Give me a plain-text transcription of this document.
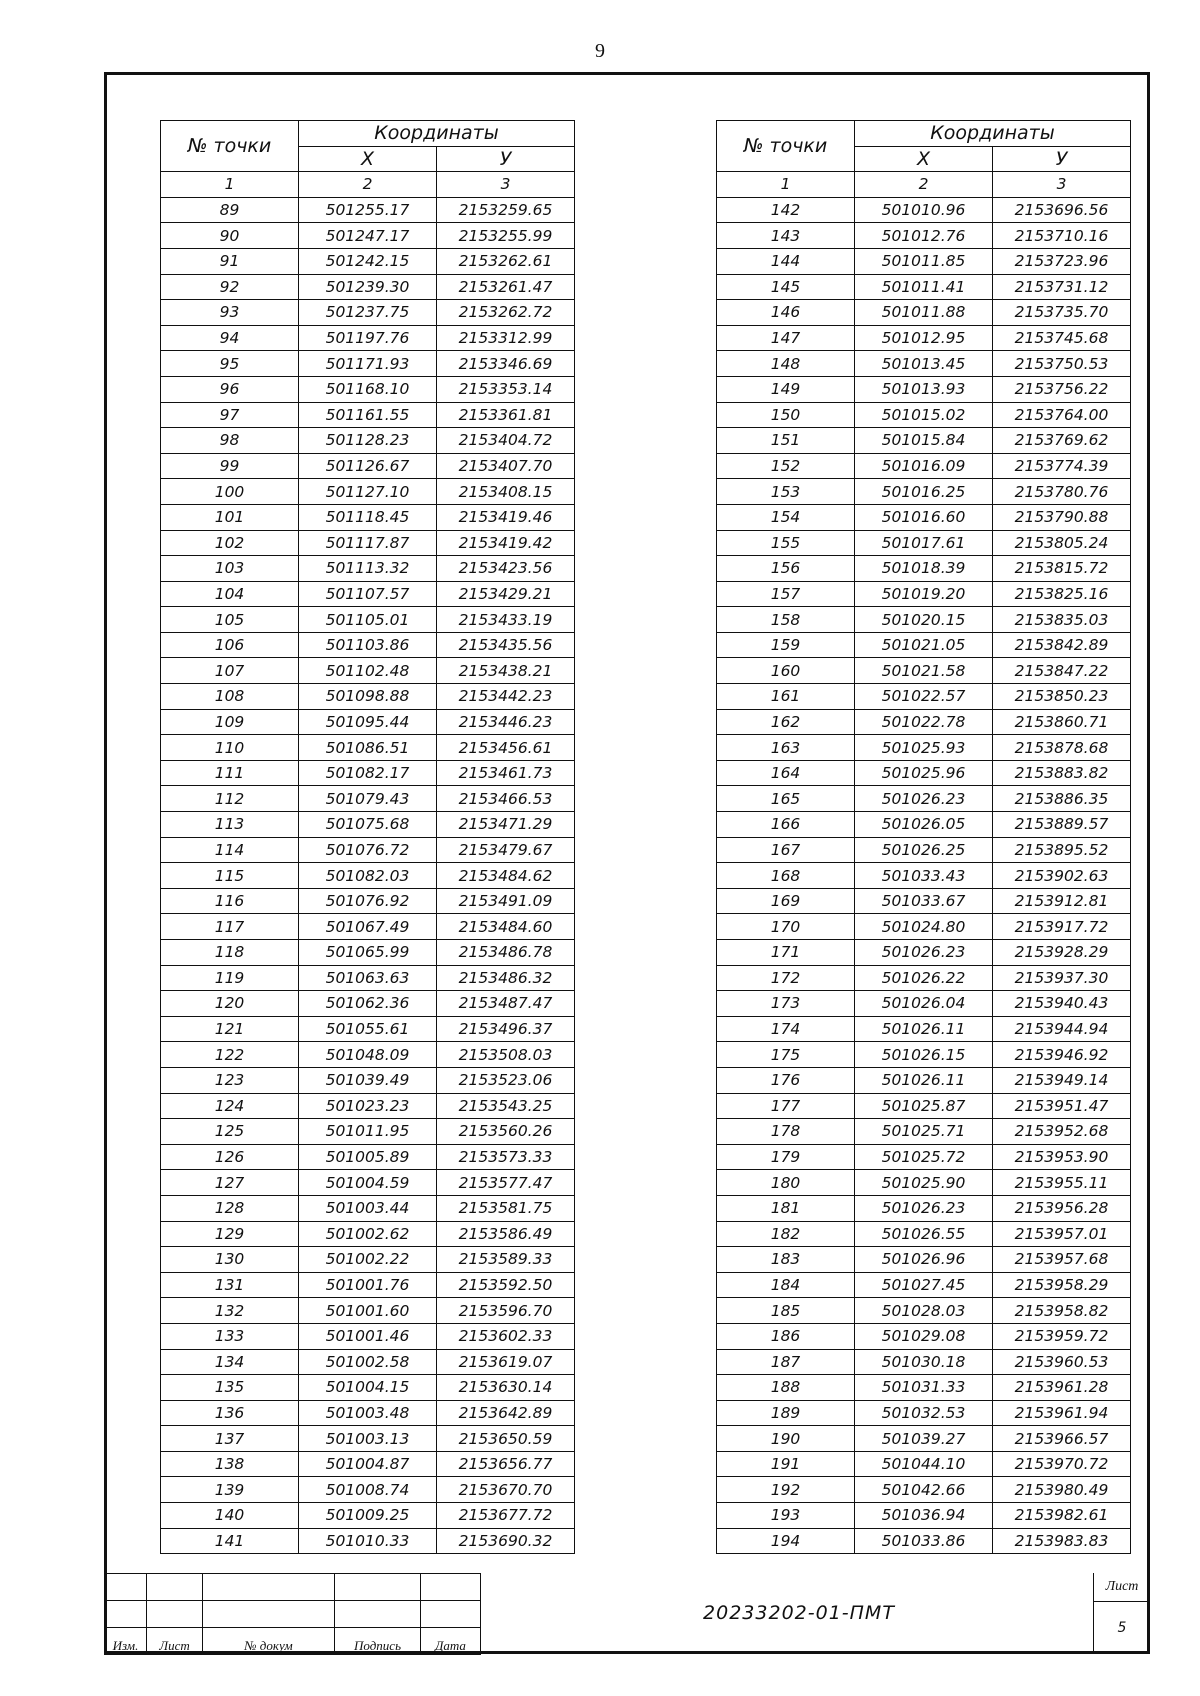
9
№ точки	Координаты	
	X	У
1	2	3
89	501255.17	2153259.65
90	501247.17	2153255.99
91	501242.15	2153262.61
92	501239.30	2153261.47
93	501237.75	2153262.72
94	501197.76	2153312.99
95	501171.93	2153346.69
96	501168.10	2153353.14
97	501161.55	2153361.81
98	501128.23	2153404.72
99	501126.67	2153407.70
100	501127.10	2153408.15
101	501118.45	2153419.46
102	501117.87	2153419.42
103	501113.32	2153423.56
104	501107.57	2153429.21
105	501105.01	2153433.19
106	501103.86	2153435.56
107	501102.48	2153438.21
108	501098.88	2153442.23
109	501095.44	2153446.23
110	501086.51	2153456.61
111	501082.17	2153461.73
112	501079.43	2153466.53
113	501075.68	2153471.29
114	501076.72	2153479.67
115	501082.03	2153484.62
116	501076.92	2153491.09
117	501067.49	2153484.60
118	501065.99	2153486.78
119	501063.63	2153486.32
120	501062.36	2153487.47
121	501055.61	2153496.37
122	501048.09	2153508.03
123	501039.49	2153523.06
124	501023.23	2153543.25
125	501011.95	2153560.26
126	501005.89	2153573.33
127	501004.59	2153577.47
128	501003.44	2153581.75
129	501002.62	2153586.49
130	501002.22	2153589.33
131	501001.76	2153592.50
132	501001.60	2153596.70
133	501001.46	2153602.33
134	501002.58	2153619.07
135	501004.15	2153630.14
136	501003.48	2153642.89
137	501003.13	2153650.59
138	501004.87	2153656.77
139	501008.74	2153670.70
140	501009.25	2153677.72
141	501010.33	2153690.32
№ точки	Координаты	
	X	У
1	2	3
142	501010.96	2153696.56
143	501012.76	2153710.16
144	501011.85	2153723.96
145	501011.41	2153731.12
146	501011.88	2153735.70
147	501012.95	2153745.68
148	501013.45	2153750.53
149	501013.93	2153756.22
150	501015.02	2153764.00
151	501015.84	2153769.62
152	501016.09	2153774.39
153	501016.25	2153780.76
154	501016.60	2153790.88
155	501017.61	2153805.24
156	501018.39	2153815.72
157	501019.20	2153825.16
158	501020.15	2153835.03
159	501021.05	2153842.89
160	501021.58	2153847.22
161	501022.57	2153850.23
162	501022.78	2153860.71
163	501025.93	2153878.68
164	501025.96	2153883.82
165	501026.23	2153886.35
166	501026.05	2153889.57
167	501026.25	2153895.52
168	501033.43	2153902.63
169	501033.67	2153912.81
170	501024.80	2153917.72
171	501026.23	2153928.29
172	501026.22	2153937.30
173	501026.04	2153940.43
174	501026.11	2153944.94
175	501026.15	2153946.92
176	501026.11	2153949.14
177	501025.87	2153951.47
178	501025.71	2153952.68
179	501025.72	2153953.90
180	501025.90	2153955.11
181	501026.23	2153956.28
182	501026.55	2153957.01
183	501026.96	2153957.68
184	501027.45	2153958.29
185	501028.03	2153958.82
186	501029.08	2153959.72
187	501030.18	2153960.53
188	501031.33	2153961.28
189	501032.53	2153961.94
190	501039.27	2153966.57
191	501044.10	2153970.72
192	501042.66	2153980.49
193	501036.94	2153982.61
194	501033.86	2153983.83

Изм.	Лист	№ докум	Подпись	Дата
20233202-01-ПМТ
Лист
5
